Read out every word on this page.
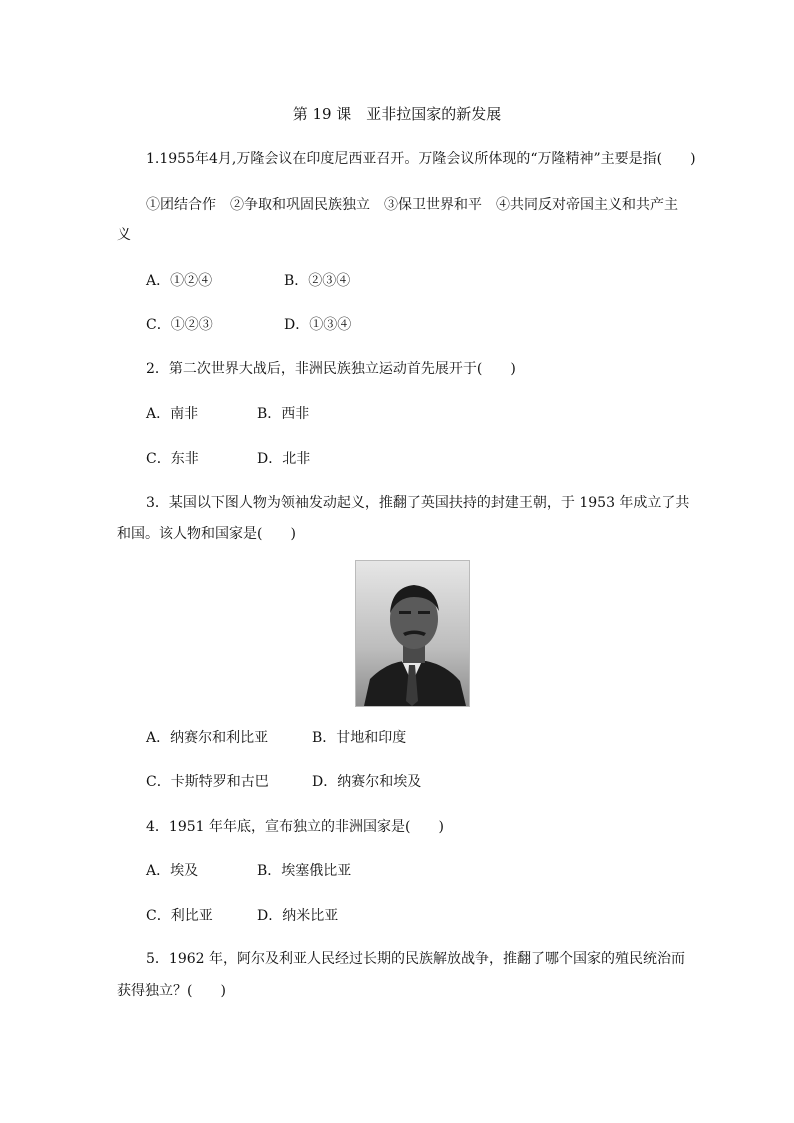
第 19 课　亚非拉国家的新发展
1.1955年4月,万隆会议在印度尼西亚召开。万隆会议所体现的“万隆精神”主要是指(　　)
①团结合作　②争取和巩固民族独立　③保卫世界和平　④共同反对帝国主义和共产主
义
A．①②④	B．②③④
C．①②③	D．①③④
2．第二次世界大战后，非洲民族独立运动首先展开于(　　)
A．南非	B．西非
C．东非	D．北非
3．某国以下图人物为领袖发动起义，推翻了英国扶持的封建王朝，于 1953 年成立了共
和国。该人物和国家是(　　)
A．纳赛尔和利比亚	B．甘地和印度
C．卡斯特罗和古巴	D．纳赛尔和埃及
4．1951 年年底，宣布独立的非洲国家是(　　)
A．埃及	B．埃塞俄比亚
C．利比亚	D．纳米比亚
5．1962 年，阿尔及利亚人民经过长期的民族解放战争，推翻了哪个国家的殖民统治而
获得独立？(　　)
